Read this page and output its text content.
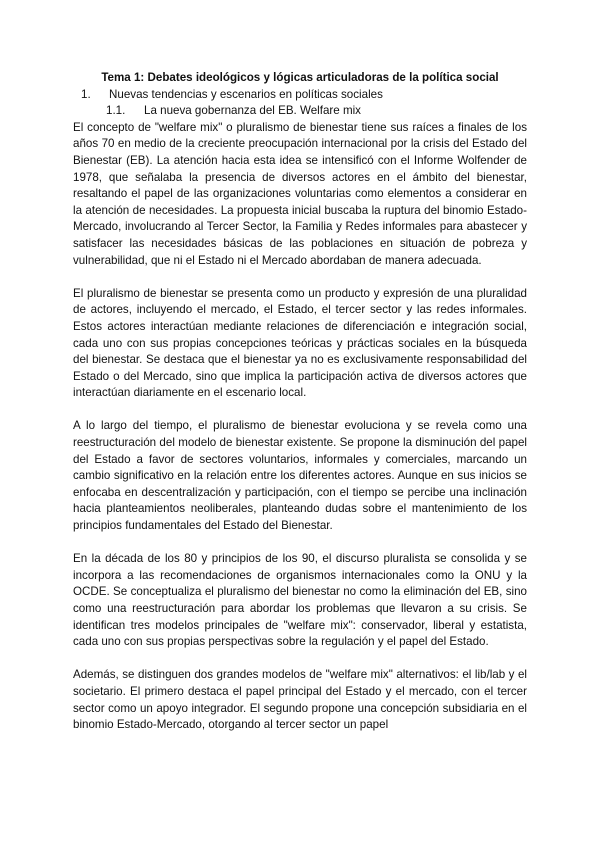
Tema 1: Debates ideológicos y lógicas articuladoras de la política social

1.	Nuevas tendencias y escenarios en políticas sociales
1.1.	La nueva gobernanza del EB. Welfare mix

El concepto de "welfare mix" o pluralismo de bienestar tiene sus raíces a finales de los años 70 en medio de la creciente preocupación internacional por la crisis del Estado del Bienestar (EB). La atención hacia esta idea se intensificó con el Informe Wolfender de 1978, que señalaba la presencia de diversos actores en el ámbito del bienestar, resaltando el papel de las organizaciones voluntarias como elementos a considerar en la atención de necesidades. La propuesta inicial buscaba la ruptura del binomio Estado-Mercado, involucrando al Tercer Sector, la Familia y Redes informales para abastecer y satisfacer las necesidades básicas de las poblaciones en situación de pobreza y vulnerabilidad, que ni el Estado ni el Mercado abordaban de manera adecuada.

El pluralismo de bienestar se presenta como un producto y expresión de una pluralidad de actores, incluyendo el mercado, el Estado, el tercer sector y las redes informales. Estos actores interactúan mediante relaciones de diferenciación e integración social, cada uno con sus propias concepciones teóricas y prácticas sociales en la búsqueda del bienestar. Se destaca que el bienestar ya no es exclusivamente responsabilidad del Estado o del Mercado, sino que implica la participación activa de diversos actores que interactúan diariamente en el escenario local.

A lo largo del tiempo, el pluralismo de bienestar evoluciona y se revela como una reestructuración del modelo de bienestar existente. Se propone la disminución del papel del Estado a favor de sectores voluntarios, informales y comerciales, marcando un cambio significativo en la relación entre los diferentes actores. Aunque en sus inicios se enfocaba en descentralización y participación, con el tiempo se percibe una inclinación hacia planteamientos neoliberales, planteando dudas sobre el mantenimiento de los principios fundamentales del Estado del Bienestar.

En la década de los 80 y principios de los 90, el discurso pluralista se consolida y se incorpora a las recomendaciones de organismos internacionales como la ONU y la OCDE. Se conceptualiza el pluralismo del bienestar no como la eliminación del EB, sino como una reestructuración para abordar los problemas que llevaron a su crisis. Se identifican tres modelos principales de "welfare mix": conservador, liberal y estatista, cada uno con sus propias perspectivas sobre la regulación y el papel del Estado.

Además, se distinguen dos grandes modelos de "welfare mix" alternativos: el lib/lab y el societario. El primero destaca el papel principal del Estado y el mercado, con el tercer sector como un apoyo integrador. El segundo propone una concepción subsidiaria en el binomio Estado-Mercado, otorgando al tercer sector un papel
